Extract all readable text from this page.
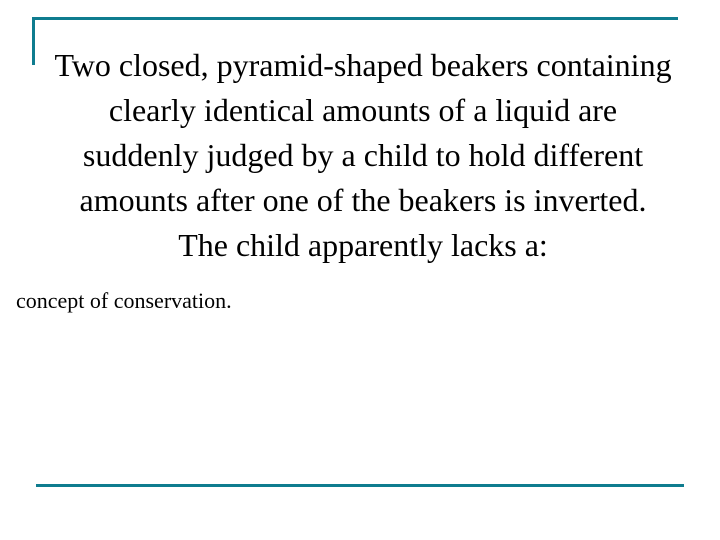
Two closed, pyramid-shaped beakers containing clearly identical amounts of a liquid are suddenly judged by a child to hold different amounts after one of the beakers is inverted. The child apparently lacks a:

concept of conservation.
